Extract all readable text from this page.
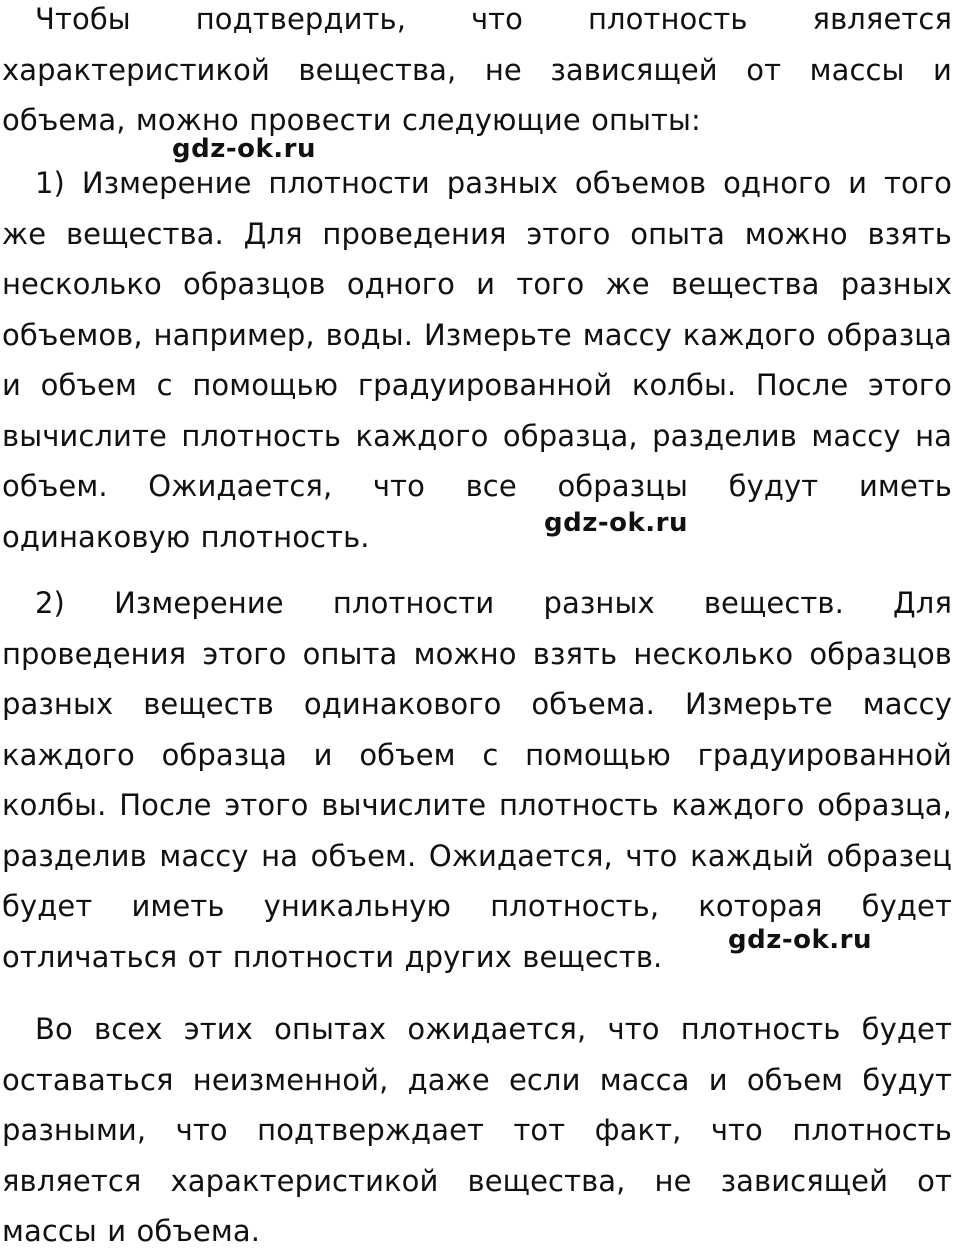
Чтобы подтвердить, что плотность является характеристикой вещества, не зависящей от массы и объема, можно провести следующие опыты:

gdz-ok.ru

1) Измерение плотности разных объемов одного и того же вещества. Для проведения этого опыта можно взять несколько образцов одного и того же вещества разных объемов, например, воды. Измерьте массу каждого образца и объем с помощью градуированной колбы. После этого вычислите плотность каждого образца, разделив массу на объем. Ожидается, что все образцы будут иметь одинаковую плотность.	gdz-ok.ru

2) Измерение плотности разных веществ. Для проведения этого опыта можно взять несколько образцов разных веществ одинакового объема. Измерьте массу каждого образца и объем с помощью градуированной колбы. После этого вычислите плотность каждого образца, разделив массу на объем. Ожидается, что каждый образец будет иметь уникальную плотность, которая будет отличаться от плотности других веществ.	gdz-ok.ru

Во всех этих опытах ожидается, что плотность будет оставаться неизменной, даже если масса и объем будут разными, что подтверждает тот факт, что плотность является характеристикой вещества, не зависящей от массы и объема.
